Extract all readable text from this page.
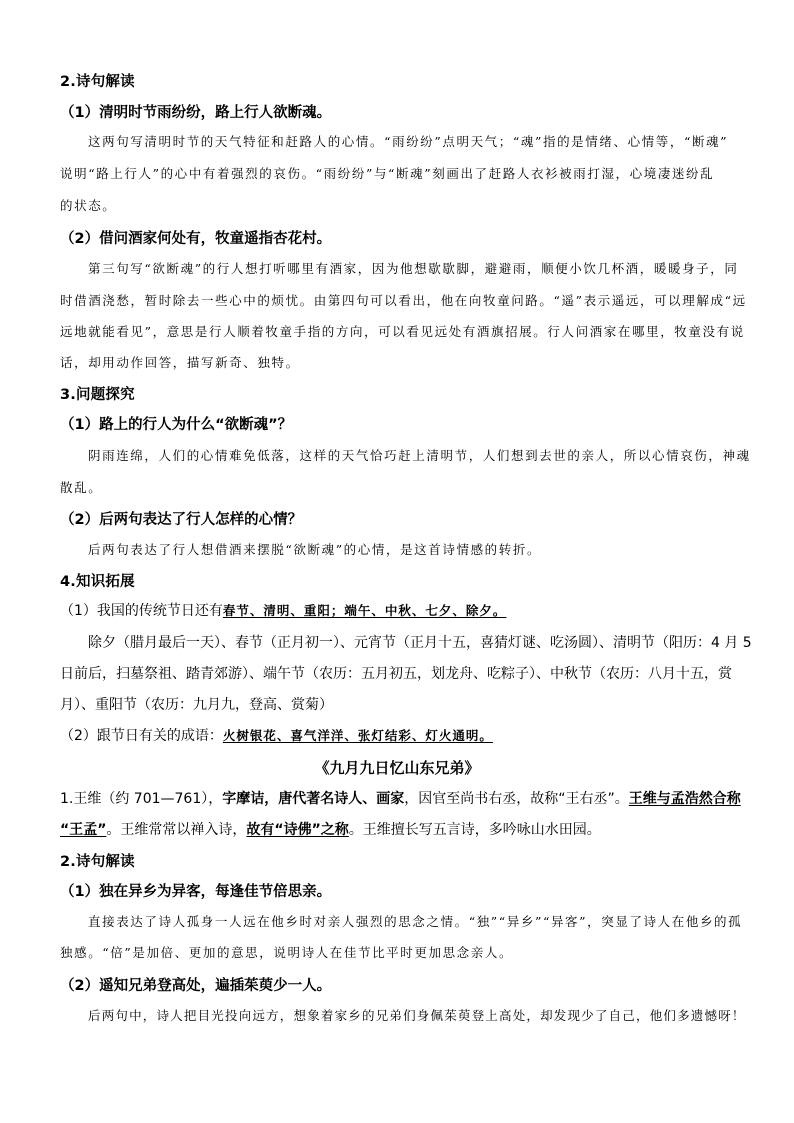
2.诗句解读
（1）清明时节雨纷纷，路上行人欲断魂。
这两句写清明时节的天气特征和赶路人的心情。“雨纷纷”点明天气；“魂”指的是情绪、心情等，“断魂”
说明“路上行人”的心中有着强烈的哀伤。“雨纷纷”与“断魂”刻画出了赶路人衣衫被雨打湿，心境凄迷纷乱
的状态。
（2）借问酒家何处有，牧童遥指杏花村。
第三句写“欲断魂”的行人想打听哪里有酒家，因为他想歇歇脚，避避雨，顺便小饮几杯酒，暖暖身子，同
时借酒浇愁，暂时除去一些心中的烦忧。由第四句可以看出，他在向牧童问路。“遥”表示遥远，可以理解成“远
远地就能看见”，意思是行人顺着牧童手指的方向，可以看见远处有酒旗招展。行人问酒家在哪里，牧童没有说
话，却用动作回答，描写新奇、独特。
3.问题探究
（1）路上的行人为什么“欲断魂”？
阴雨连绵，人们的心情难免低落，这样的天气恰巧赶上清明节，人们想到去世的亲人，所以心情哀伤，神魂
散乱。
（2）后两句表达了行人怎样的心情？
后两句表达了行人想借酒来摆脱“欲断魂”的心情，是这首诗情感的转折。
4.知识拓展
（1）我国的传统节日还有春节、清明、重阳；端午、中秋、七夕、除夕。
除夕（腊月最后一天）、春节（正月初一）、元宵节（正月十五，喜猜灯谜、吃汤圆）、清明节（阳历：4 月 5
日前后，扫墓祭祖、踏青郊游）、端午节（农历：五月初五，划龙舟、吃粽子）、中秋节（农历：八月十五，赏
月）、重阳节（农历：九月九，登高、赏菊）
（2）跟节日有关的成语：火树银花、喜气洋洋、张灯结彩、灯火通明。
《九月九日忆山东兄弟》
1.王维（约 701—761），字摩诘，唐代著名诗人、画家，因官至尚书右丞，故称“王右丞”。王维与孟浩然合称
“王孟”。王维常常以禅入诗，故有“诗佛”之称。王维擅长写五言诗，多吟咏山水田园。
2.诗句解读
（1）独在异乡为异客，每逢佳节倍思亲。
直接表达了诗人孤身一人远在他乡时对亲人强烈的思念之情。“独”“异乡”“异客”，突显了诗人在他乡的孤
独感。“倍”是加倍、更加的意思，说明诗人在佳节比平时更加思念亲人。
（2）遥知兄弟登高处，遍插茱萸少一人。
后两句中，诗人把目光投向远方，想象着家乡的兄弟们身佩茱萸登上高处，却发现少了自己，他们多遗憾呀！
